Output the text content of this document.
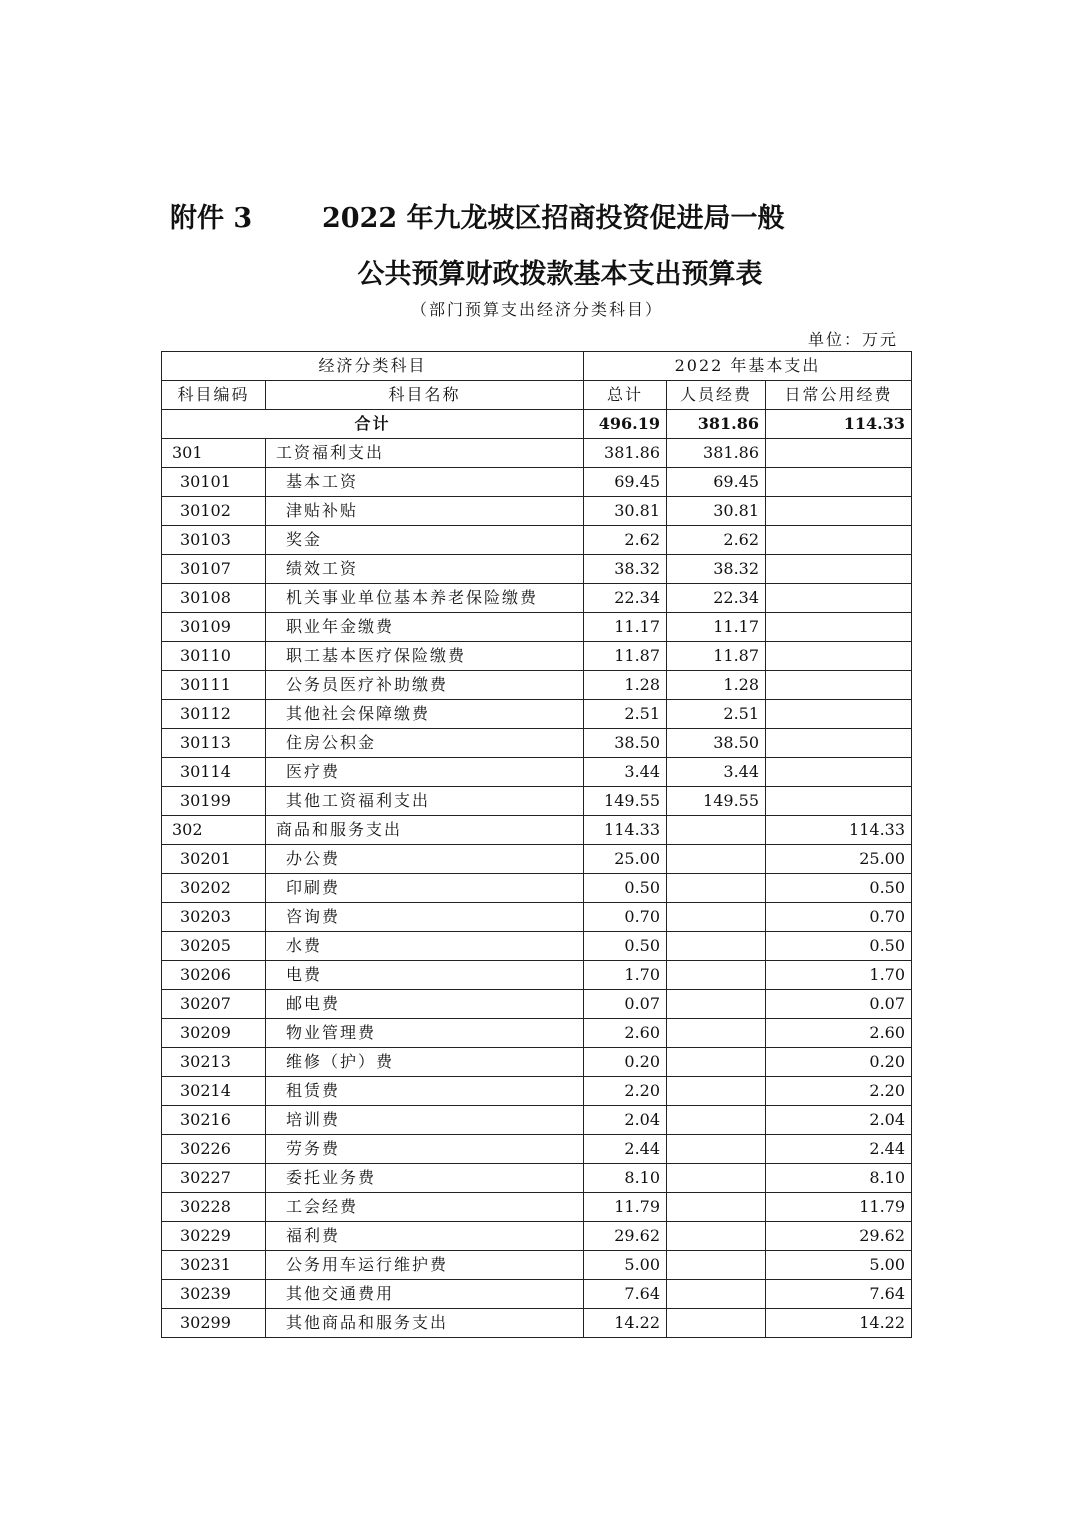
附件 3	2022 年九龙坡区招商投资促进局一般
公共预算财政拨款基本支出预算表
（部门预算支出经济分类科目）
单位：万元
经济分类科目		2022 年基本支出		
科目编码	科目名称	总计	人员经费	日常公用经费
合计		496.19	381.86	114.33
301	工资福利支出	381.86	381.86	
30101	基本工资	69.45	69.45	
30102	津贴补贴	30.81	30.81	
30103	奖金	2.62	2.62	
30107	绩效工资	38.32	38.32	
30108	机关事业单位基本养老保险缴费	22.34	22.34	
30109	职业年金缴费	11.17	11.17	
30110	职工基本医疗保险缴费	11.87	11.87	
30111	公务员医疗补助缴费	1.28	1.28	
30112	其他社会保障缴费	2.51	2.51	
30113	住房公积金	38.50	38.50	
30114	医疗费	3.44	3.44	
30199	其他工资福利支出	149.55	149.55	
302	商品和服务支出	114.33		114.33
30201	办公费	25.00		25.00
30202	印刷费	0.50		0.50
30203	咨询费	0.70		0.70
30205	水费	0.50		0.50
30206	电费	1.70		1.70
30207	邮电费	0.07		0.07
30209	物业管理费	2.60		2.60
30213	维修（护）费	0.20		0.20
30214	租赁费	2.20		2.20
30216	培训费	2.04		2.04
30226	劳务费	2.44		2.44
30227	委托业务费	8.10		8.10
30228	工会经费	11.79		11.79
30229	福利费	29.62		29.62
30231	公务用车运行维护费	5.00		5.00
30239	其他交通费用	7.64		7.64
30299	其他商品和服务支出	14.22		14.22
